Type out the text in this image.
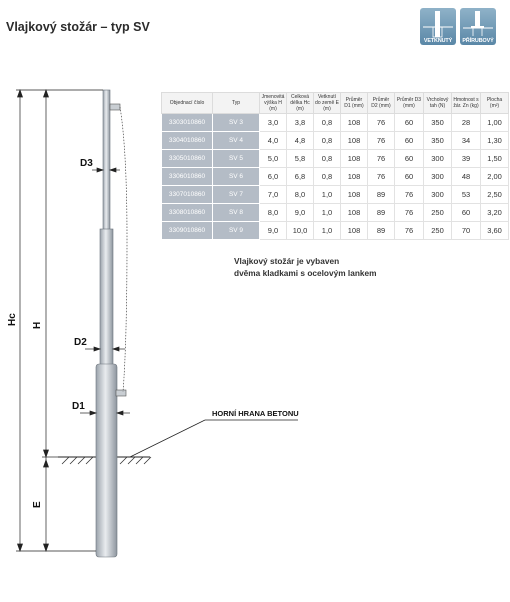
Vlajkový stožár – typ SV
VETKNUTÝ	PŘÍRUBOVÝ
Hc H
E
D3
D2
D1
HORNÍ HRANA BETONU
Objednací číslo	Typ	Jmenovitá výška H (m)	Celková délka Hc (m)	Vetknutí do země E (m)	Průměr D1 (mm)	Průměr D2 (mm)	Průměr D3 (mm)	Vrcholový tah (N)	Hmotnost s žár. Zn (kg)	Plocha (m²)
3303010860	SV 3	3,0	3,8	0,8	108	76	60	350	28	1,00
3304010860	SV 4	4,0	4,8	0,8	108	76	60	350	34	1,30
3305010860	SV 5	5,0	5,8	0,8	108	76	60	300	39	1,50
3306010860	SV 6	6,0	6,8	0,8	108	76	60	300	48	2,00
3307010860	SV 7	7,0	8,0	1,0	108	89	76	300	53	2,50
3308010860	SV 8	8,0	9,0	1,0	108	89	76	250	60	3,20
3309010860	SV 9	9,0	10,0	1,0	108	89	76	250	70	3,60
Vlajkový stožár je vybaven
dvěma kladkami s ocelovým lankem
